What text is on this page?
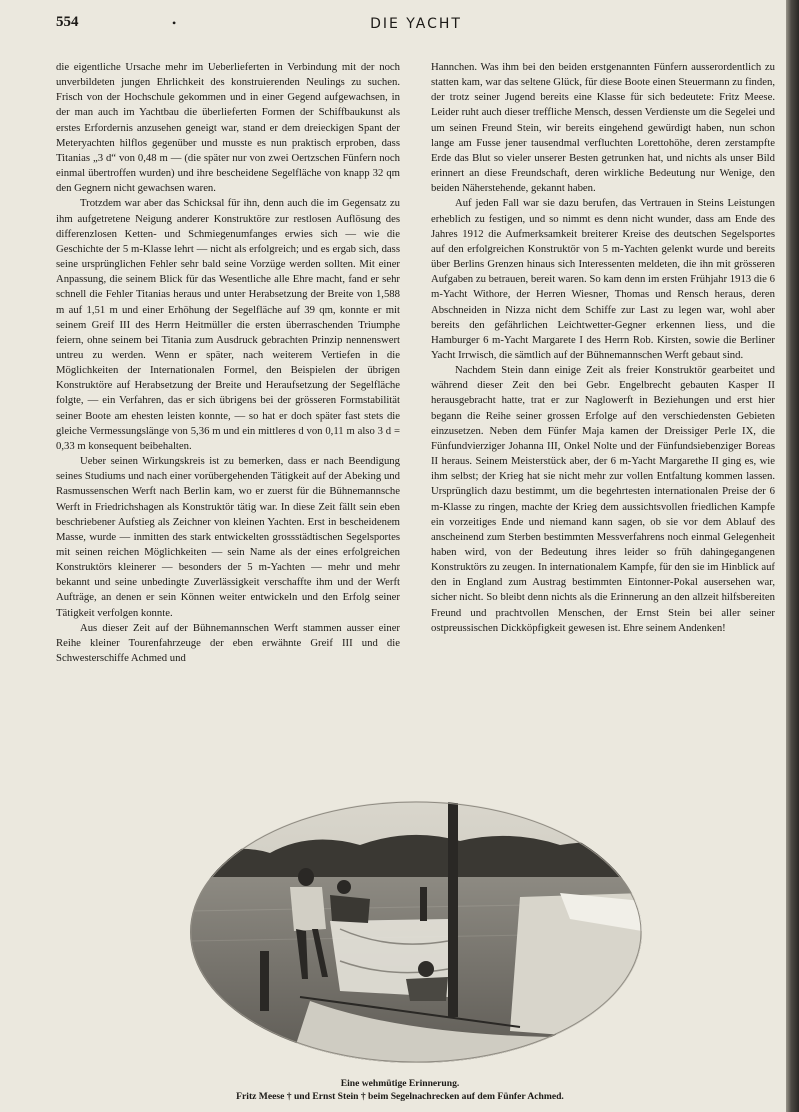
554	•	DIE YACHT

die eigentliche Ursache mehr im Ueberlieferten in Verbindung mit der noch unverbildeten jungen Ehrlichkeit des konstruierenden Neulings zu suchen. Frisch von der Hochschule gekommen und in einer Gegend aufgewachsen, in der man auch im Yachtbau die überlieferten Formen der Schiffbaukunst als erstes Erfordernis anzusehen geneigt war, stand er dem dreieckigen Spant der Meteryachten hilflos gegenüber und musste es nun praktisch erproben, dass Titanias „3 d“ von 0,48 m — (die später nur von zwei Oertzschen Fünfern noch einmal übertroffen wurden) und ihre bescheidene Segelfläche von knapp 32 qm den Gegnern nicht gewachsen waren.

Trotzdem war aber das Schicksal für ihn, denn auch die im Gegensatz zu ihm aufgetretene Neigung anderer Konstruktöre zur restlosen Auflösung des differenzlosen Ketten- und Schmiegenumfanges erwies sich — wie die Geschichte der 5 m-Klasse lehrt — nicht als erfolgreich; und es ergab sich, dass seine ursprünglichen Fehler sehr bald seine Vorzüge werden sollten. Mit einer Anpassung, die seinem Blick für das Wesentliche alle Ehre macht, fand er sehr schnell die Fehler Titanias heraus und unter Herabsetzung der Breite von 1,588 m auf 1,51 m und einer Erhöhung der Segelfläche auf 39 qm, konnte er mit seinem Greif III des Herrn Heitmüller die ersten überraschenden Triumphe feiern, ohne seinem bei Titania zum Ausdruck gebrachten Prinzip nennenswert untreu zu werden. Wenn er später, nach weiterem Vertiefen in die Möglichkeiten der Internationalen Formel, den Beispielen der übrigen Konstruktöre auf Herabsetzung der Breite und Heraufsetzung der Segelfläche folgte, — ein Verfahren, das er sich übrigens bei der grösseren Formstabilität seiner Boote am ehesten leisten konnte, — so hat er doch später fast stets die gleiche Vermessungslänge von 5,36 m und ein mittleres d von 0,11 m also 3 d = 0,33 m konsequent beibehalten.

Ueber seinen Wirkungskreis ist zu bemerken, dass er nach Beendigung seines Studiums und nach einer vorübergehenden Tätigkeit auf der Abeking und Rasmussenschen Werft nach Berlin kam, wo er zuerst für die Bühnemannsche Werft in Friedrichshagen als Konstruktör tätig war. In diese Zeit fällt sein eben beschriebener Aufstieg als Zeichner von kleinen Yachten. Erst in bescheidenem Masse, wurde — inmitten des stark entwickelten grossstädtischen Segelsportes mit seinen reichen Möglichkeiten — sein Name als der eines erfolgreichen Konstruktörs kleinerer — besonders der 5 m-Yachten — mehr und mehr bekannt und seine unbedingte Zuverlässigkeit verschaffte ihm und der Werft Aufträge, an denen er sein Können weiter entwickeln und den Erfolg seiner Tätigkeit verfolgen konnte.

Aus dieser Zeit auf der Bühnemannschen Werft stammen ausser einer Reihe kleiner Tourenfahrzeuge der eben erwähnte Greif III und die Schwesterschiffe Achmed und

Hannchen. Was ihm bei den beiden erstgenannten Fünfern ausserordentlich zu statten kam, war das seltene Glück, für diese Boote einen Steuermann zu finden, der trotz seiner Jugend bereits eine Klasse für sich bedeutete: Fritz Meese. Leider ruht auch dieser treffliche Mensch, dessen Verdienste um die Segelei und um seinen Freund Stein, wir bereits eingehend gewürdigt haben, nun schon lange am Fusse jener tausendmal verfluchten Lorettohöhe, deren zerstampfte Erde das Blut so vieler unserer Besten getrunken hat, und nichts als unser Bild erinnert an diese Freundschaft, deren wirkliche Bedeutung nur Wenige, den beiden Näherstehende, gekannt haben.

Auf jeden Fall war sie dazu berufen, das Vertrauen in Steins Leistungen erheblich zu festigen, und so nimmt es denn nicht wunder, dass am Ende des Jahres 1912 die Aufmerksamkeit breiterer Kreise des deutschen Segelsportes auf den erfolgreichen Konstruktör von 5 m-Yachten gelenkt wurde und bereits über Berlins Grenzen hinaus sich Interessenten meldeten, die ihn mit grösseren Aufgaben zu betrauen, bereit waren. So kam denn im ersten Frühjahr 1913 die 6 m-Yacht Withore, der Herren Wiesner, Thomas und Rensch heraus, deren Abschneiden in Nizza nicht dem Schiffe zur Last zu legen war, wohl aber bereits den gefährlichen Leichtwetter-Gegner erkennen liess, und die Hamburger 6 m-Yacht Margarete I des Herrn Rob. Kirsten, sowie die Berliner Yacht Irrwisch, die sämtlich auf der Bühnemannschen Werft gebaut sind.

Nachdem Stein dann einige Zeit als freier Konstruktör gearbeitet und während dieser Zeit den bei Gebr. Engelbrecht gebauten Kasper II herausgebracht hatte, trat er zur Naglowerft in Beziehungen und erst hier begann die Reihe seiner grossen Erfolge auf den verschiedensten Gebieten einzusetzen. Neben dem Fünfer Maja kamen der Dreissiger Perle IX, die Fünfundvierziger Johanna III, Onkel Nolte und der Fünfundsiebenziger Boreas II heraus. Seinem Meisterstück aber, der 6 m-Yacht Margarethe II ging es, wie ihm selbst; der Krieg hat sie nicht mehr zur vollen Entfaltung kommen lassen. Ursprünglich dazu bestimmt, um die begehrtesten internationalen Preise der 6 m-Klasse zu ringen, machte der Krieg dem aussichtsvollen friedlichen Kampfe ein vorzeitiges Ende und niemand kann sagen, ob sie vor dem Ablauf des anscheinend zum Sterben bestimmten Messverfahrens noch einmal Gelegenheit haben wird, von der Bedeutung ihres leider so früh dahingegangenen Konstruktörs zu zeugen. In internationalem Kampfe, für den sie im Hinblick auf den in England zum Austrag bestimmten Eintonner-Pokal ausersehen war, sicher nicht. So bleibt denn nichts als die Erinnerung an den allzeit hilfsbereiten Freund und prachtvollen Menschen, der Ernst Stein bei aller seiner ostpreussischen Dickköpfigkeit gewesen ist. Ehre seinem Andenken!

Eine wehmütige Erinnerung.
Fritz Meese † und Ernst Stein † beim Segelnachrecken auf dem Fünfer Achmed.
